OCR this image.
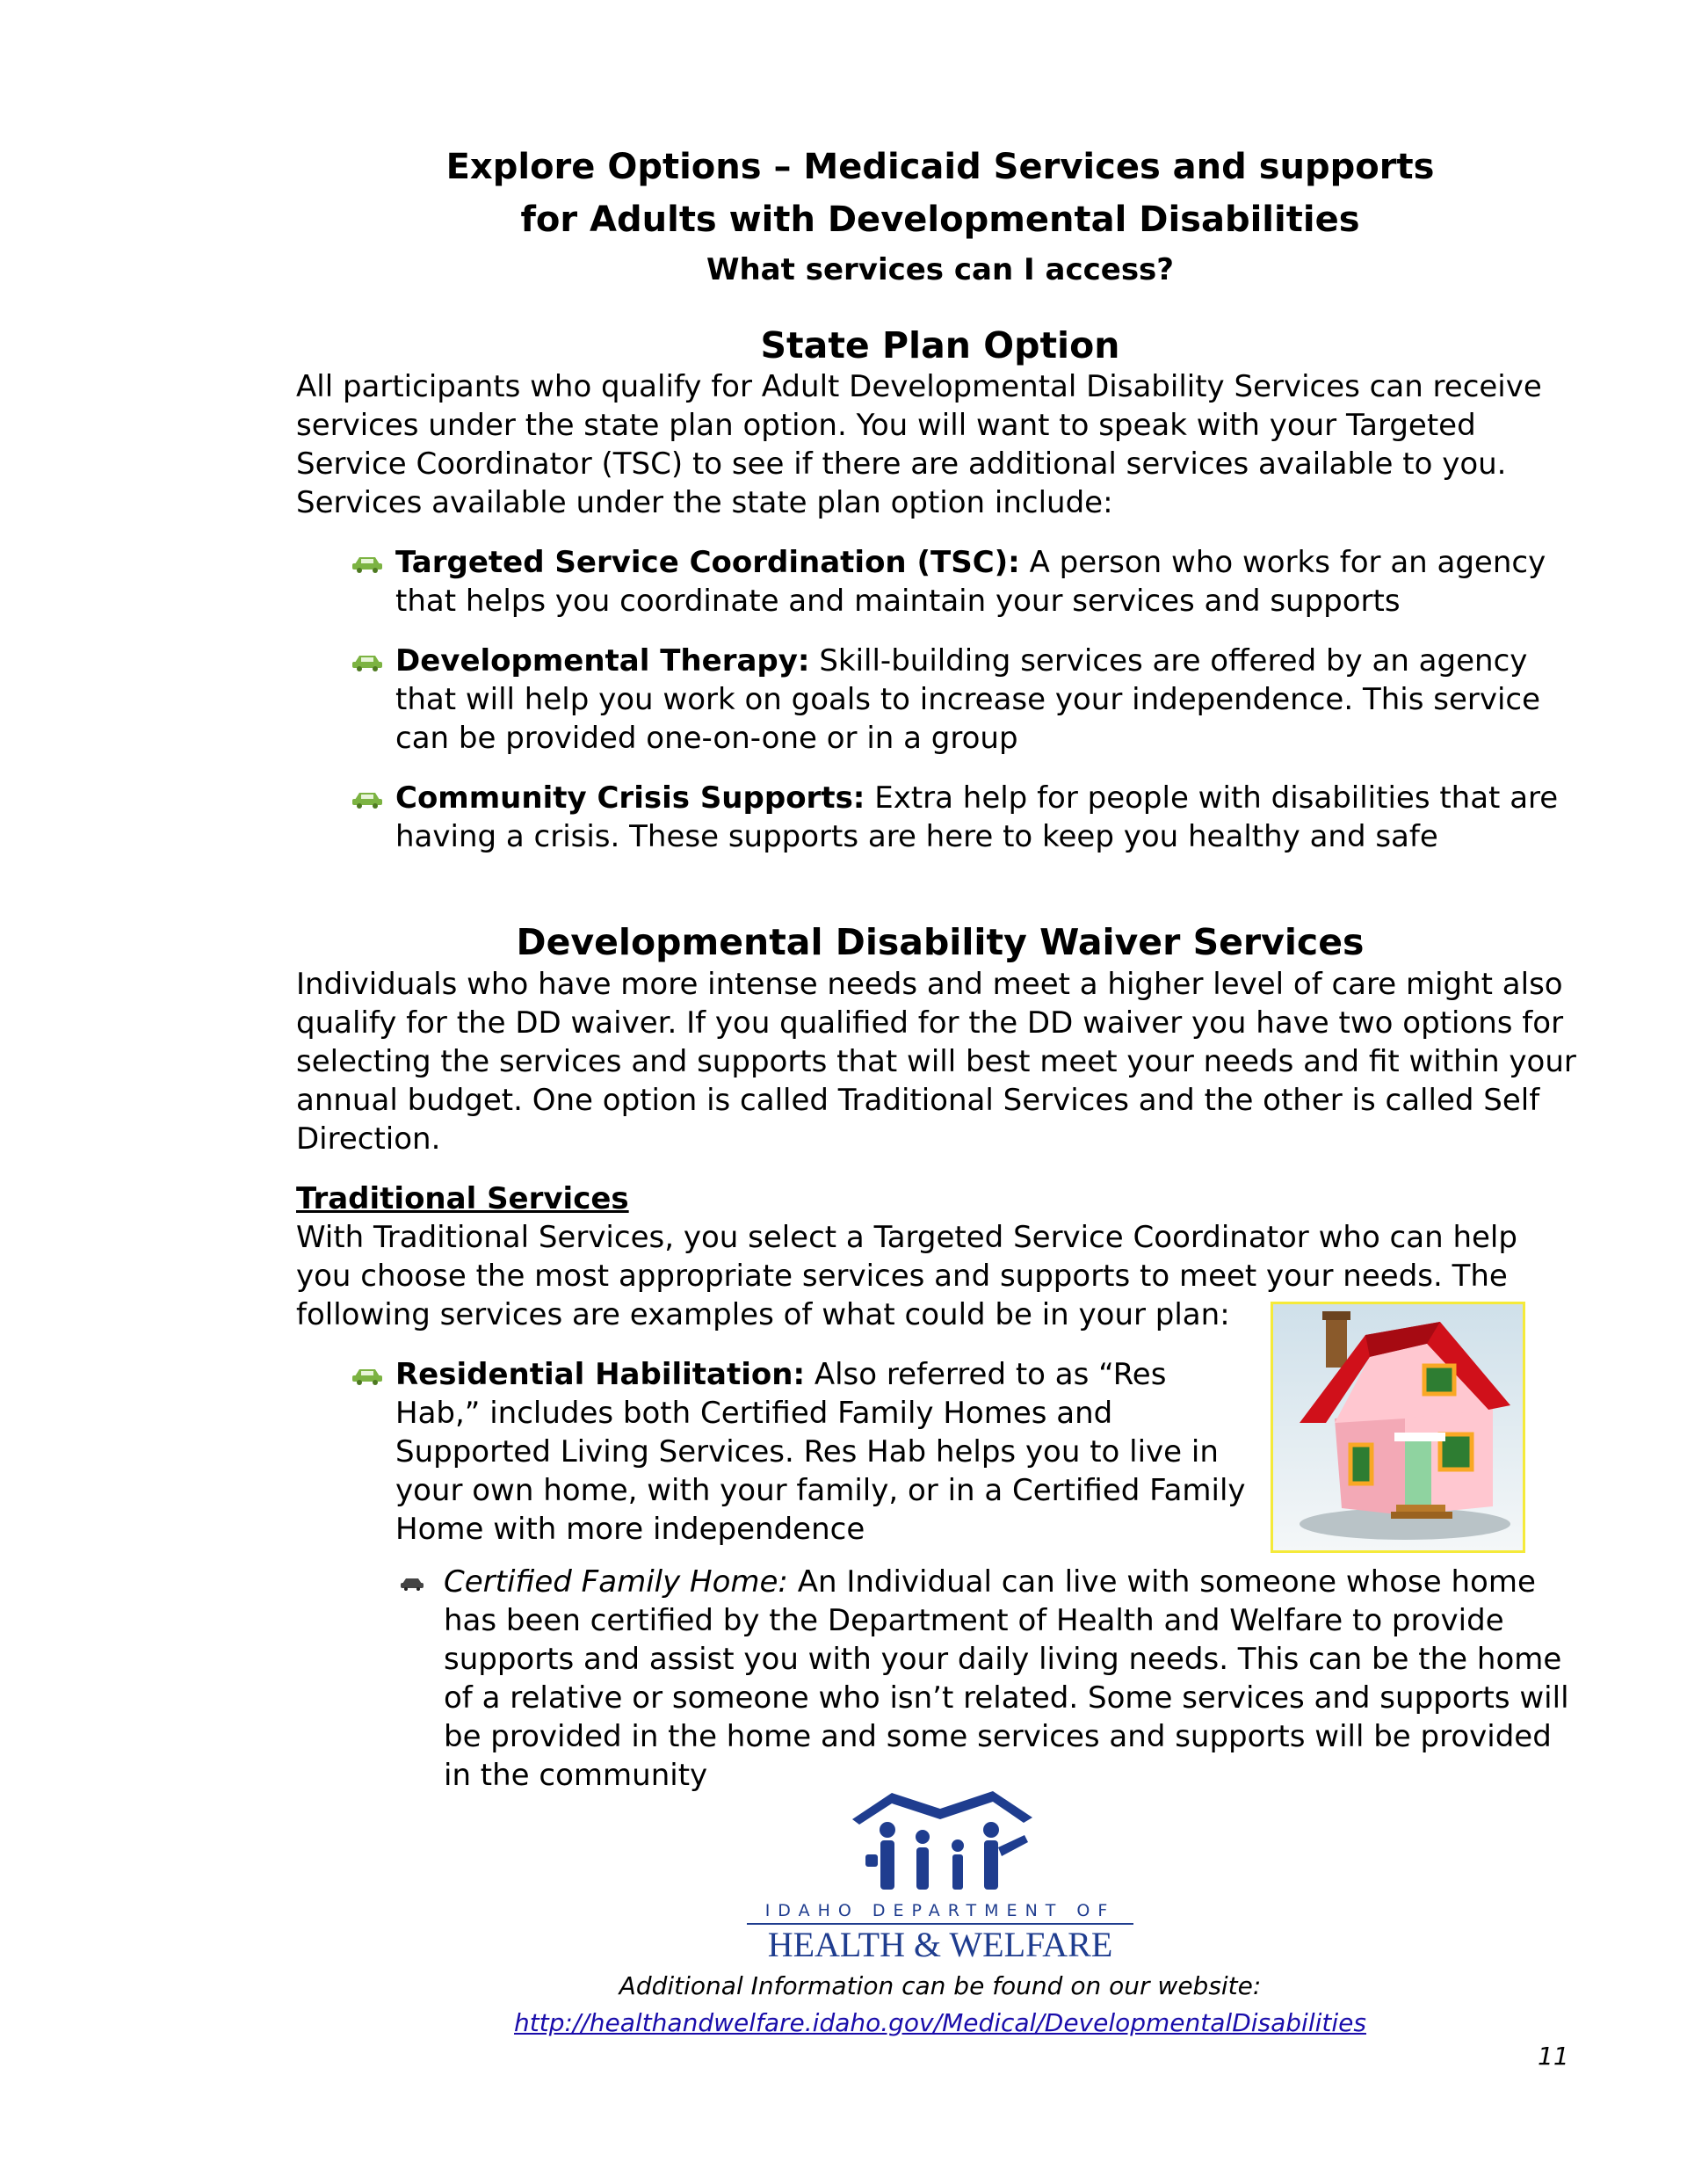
Explore Options – Medicaid Services and supports

for Adults with Developmental Disabilities

What services can I access?

State Plan Option

All participants who qualify for Adult Developmental Disability Services can receive services under the state plan option. You will want to speak with your Targeted Service Coordinator (TSC) to see if there are additional services available to you. Services available under the state plan option include:

Targeted Service Coordination (TSC): A person who works for an agency that helps you coordinate and maintain your services and supports
Developmental Therapy: Skill-building services are offered by an agency that will help you work on goals to increase your independence. This service can be provided one-on-one or in a group
Community Crisis Supports: Extra help for people with disabilities that are having a crisis. These supports are here to keep you healthy and safe
Developmental Disability Waiver Services

Individuals who have more intense needs and meet a higher level of care might also qualify for the DD waiver. If you qualified for the DD waiver you have two options for selecting the services and supports that will best meet your needs and fit within your annual budget. One option is called Traditional Services and the other is called Self Direction.

Traditional Services

With Traditional Services, you select a Targeted Service Coordinator who can help you choose the most appropriate services and supports to meet your needs. The following services are examples of what could be in your plan:

Residential Habilitation: Also referred to as “Res Hab,” includes both Certified Family Homes and Supported Living Services. Res Hab helps you to live in your own home, with your family, or in a Certified Family Home with more independence
Certified Family Home: An Individual can live with someone whose home has been certified by the Department of Health and Welfare to provide supports and assist you with your daily living needs. This can be the home of a relative or someone who isn’t related. Some services and supports will be provided in the home and some services and supports will be provided in the community
IDAHO DEPARTMENT OF
HEALTH & WELFARE

Additional Information can be found on our website:

http://healthandwelfare.idaho.gov/Medical/DevelopmentalDisabilities

11
